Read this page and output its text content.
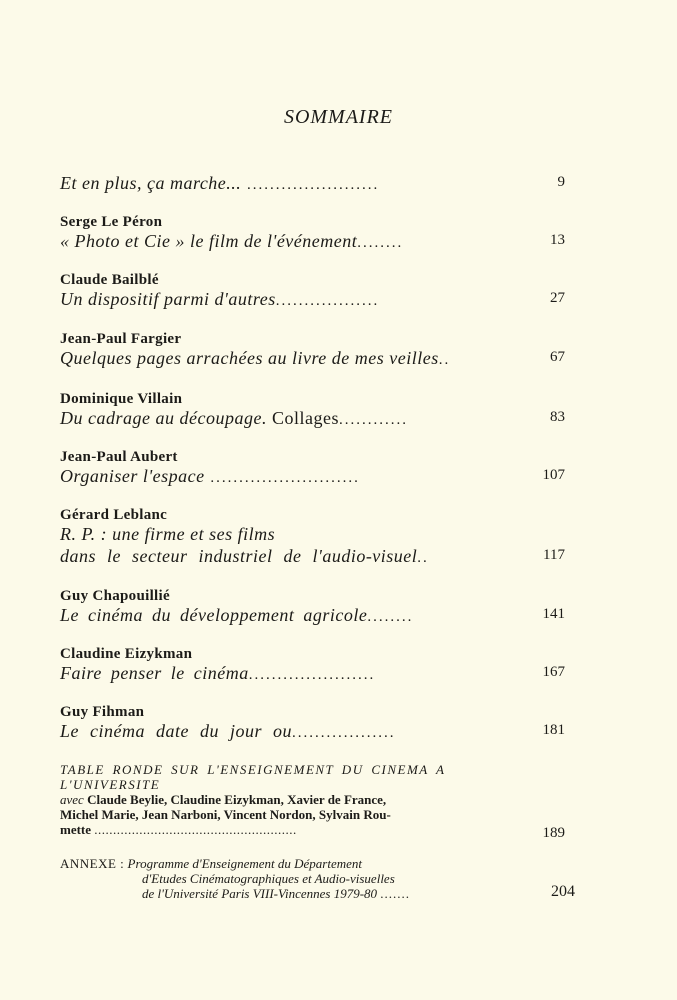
SOMMAIRE
Et en plus, ça marche... .......................	9
Serge Le Péron
« Photo et Cie » le film de l'événement........	13
Claude Bailblé
Un dispositif parmi d'autres..................	27
Jean-Paul Fargier
Quelques pages arrachées au livre de mes veilles..	67
Dominique Villain
Du cadrage au découpage. Collages............	83
Jean-Paul Aubert
Organiser l'espace ..........................	107
Gérard Leblanc
R. P. : une firme et ses films
dans le secteur industriel de l'audio-visuel..	117
Guy Chapouillié
Le cinéma du développement agricole........	141
Claudine Eizykman
Faire penser le cinéma......................	167
Guy Fihman
Le cinéma date du jour ou..................	181
TABLE RONDE SUR L'ENSEIGNEMENT DU CINEMA A
L'UNIVERSITE
avec Claude Beylie, Claudine Eizykman, Xavier de France,
Michel Marie, Jean Narboni, Vincent Nordon, Sylvain Rou-
mette ......................................................	189
ANNEXE : Programme d'Enseignement du Département
d'Etudes Cinématographiques et Audio-visuelles
de l'Université Paris VIII-Vincennes 1979-80 .......	204
